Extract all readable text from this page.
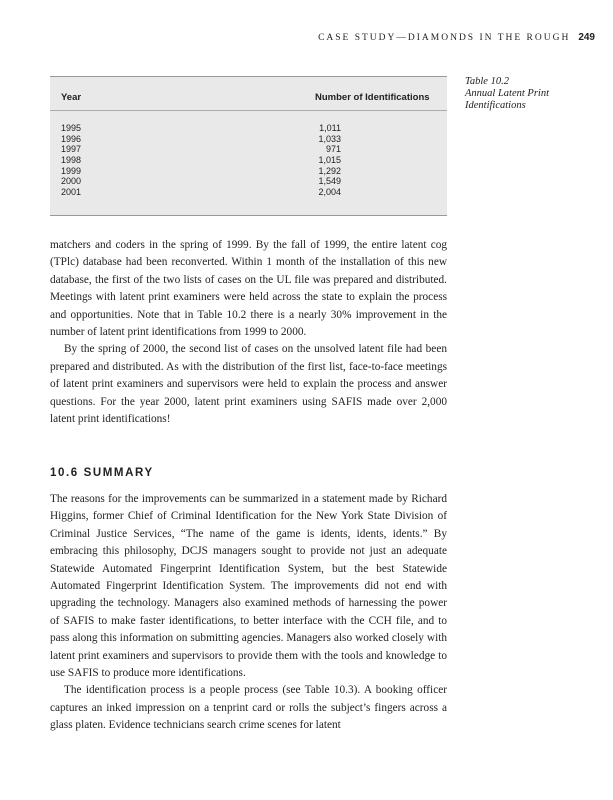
CASE STUDY—DIAMONDS IN THE ROUGH 249
Year	Number of Identifications
1995	1,011
1996	1,033
1997	971
1998	1,015
1999	1,292
2000	1,549
2001	2,004
Table 10.2
Annual Latent Print Identifications

matchers and coders in the spring of 1999. By the fall of 1999, the entire latent cog (TPlc) database had been reconverted. Within 1 month of the installation of this new database, the first of the two lists of cases on the UL file was prepared and distributed. Meetings with latent print examiners were held across the state to explain the process and opportunities. Note that in Table 10.2 there is a nearly 30% improvement in the number of latent print identifications from 1999 to 2000.

By the spring of 2000, the second list of cases on the unsolved latent file had been prepared and distributed. As with the distribution of the first list, face-to-face meetings of latent print examiners and supervisors were held to explain the process and answer questions. For the year 2000, latent print examiners using SAFIS made over 2,000 latent print identifications!

10.6 SUMMARY

The reasons for the improvements can be summarized in a statement made by Richard Higgins, former Chief of Criminal Identification for the New York State Division of Criminal Justice Services, “The name of the game is idents, idents, idents.” By embracing this philosophy, DCJS managers sought to provide not just an adequate Statewide Automated Fingerprint Identification System, but the best Statewide Automated Fingerprint Identification System. The improvements did not end with upgrading the technology. Managers also examined methods of harnessing the power of SAFIS to make faster identifications, to better interface with the CCH file, and to pass along this information on submitting agencies. Managers also worked closely with latent print examiners and supervisors to provide them with the tools and knowledge to use SAFIS to produce more identifications.

The identification process is a people process (see Table 10.3). A booking officer captures an inked impression on a tenprint card or rolls the subject’s fingers across a glass platen. Evidence technicians search crime scenes for latent
